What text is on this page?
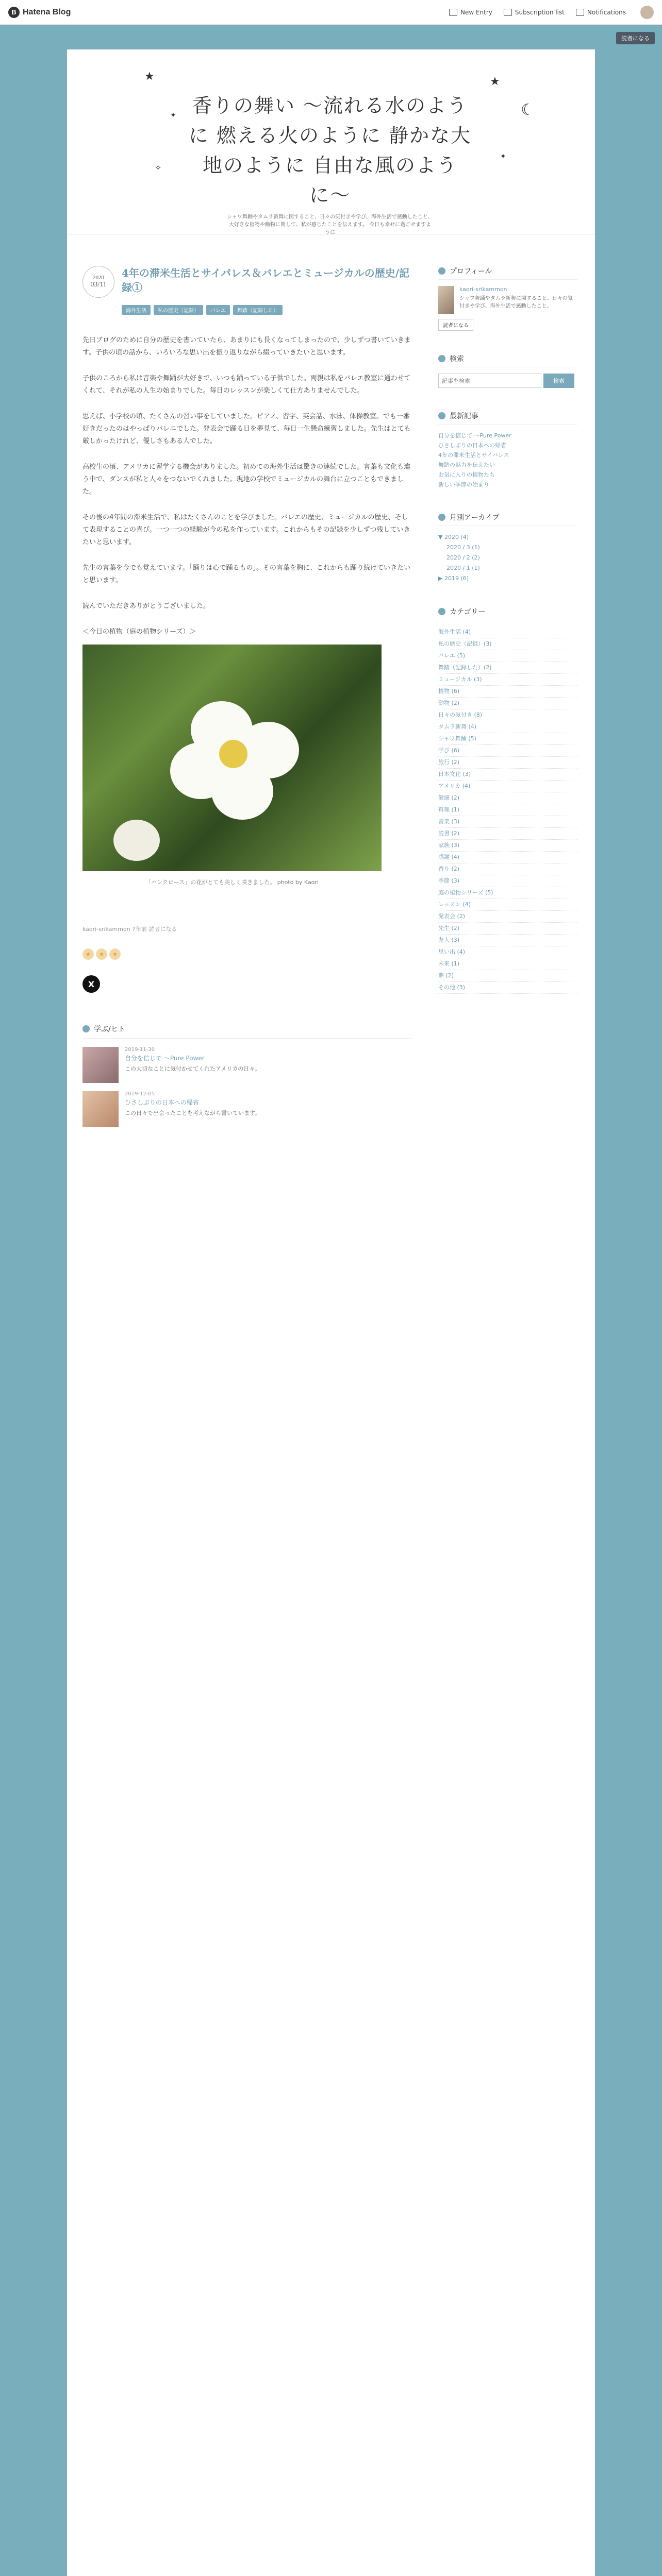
B Hatena Blog	New Entry	Subscription list	Notifications
読者になる
★
✦
★
☾
✦
✧
香りの舞い 〜流れる水のように 燃える火のように 静かな大地のように 自由な風のように〜
シャワ舞踊やタムラ新舞に関すること、日々の気付きや学び、海外生活で感動したこと、大好きな植物や動物に関して、私が感じたことを伝えます。 今日も幸せに過ごせますように
2020
03/11
4年の滞米生活とサイパレス＆バレエとミュージカルの歴史/記録①
海外生活	私の歴史（記録）	バレエ	舞踏（記録した）

先日ブログのために自分の歴史を書いていたら、あまりにも長くなってしまったので、少しずつ書いていきます。子供の頃の話から、いろいろな思い出を振り返りながら綴っていきたいと思います。

子供のころから私は音楽や舞踊が大好きで、いつも踊っている子供でした。両親は私をバレエ教室に通わせてくれて、それが私の人生の始まりでした。毎日のレッスンが楽しくて仕方ありませんでした。

思えば、小学校の頃、たくさんの習い事をしていました。ピアノ、習字、英会話、水泳、体操教室。でも一番好きだったのはやっぱりバレエでした。発表会で踊る日を夢見て、毎日一生懸命練習しました。先生はとても厳しかったけれど、優しさもある人でした。

高校生の頃、アメリカに留学する機会がありました。初めての海外生活は驚きの連続でした。言葉も文化も違う中で、ダンスが私と人々をつないでくれました。現地の学校でミュージカルの舞台に立つこともできました。

その後の4年間の滞米生活で、私はたくさんのことを学びました。バレエの歴史、ミュージカルの歴史、そして表現することの喜び。一つ一つの経験が今の私を作っています。これからもその記録を少しずつ残していきたいと思います。

先生の言葉を今でも覚えています。「踊りは心で踊るもの」。その言葉を胸に、これからも踊り続けていきたいと思います。

読んでいただきありがとうございました。

＜今日の植物（庭の植物シリーズ）＞
「ハンクロース」の花がとても美しく咲きました。 photo by Kaori
kaori-srikammon 7年前 読者になる
★	★	★
X
学ぶ/ヒト
2019-11-30
自分を信じて ～Pure Power
この大切なことに気付かせてくれたアメリカの日々。
2019-12-05
ひさしぶりの日本への帰省
この日々で出会ったことを考えながら書いています。
プロフィール
kaori-srikammon
シャワ舞踊やタムラ新舞に関すること、日々の気付きや学び、海外生活で感動したこと。
読者になる
検索
記事を検索
検索
最新記事
自分を信じて ～Pure Power
ひさしぶりの日本への帰省
4年の滞米生活とサイパレス
舞踏の魅力を伝えたい
お気に入りの植物たち
新しい季節の始まり
月別アーカイブ
▼ 2020 (4)
2020 / 3 (1)
2020 / 2 (2)
2020 / 1 (1)
▶ 2019 (6)
カテゴリー
海外生活 (4)
私の歴史（記録）(3)
バレエ (5)
舞踏（記録した）(2)
ミュージカル (3)
植物 (6)
動物 (2)
日々の気付き (8)
タムラ新舞 (4)
シャワ舞踊 (5)
学び (6)
旅行 (2)
日本文化 (3)
アメリカ (4)
健康 (2)
料理 (1)
音楽 (3)
読書 (2)
家族 (3)
感謝 (4)
香り (2)
季節 (3)
庭の植物シリーズ (5)
レッスン (4)
発表会 (2)
先生 (2)
友人 (3)
思い出 (4)
未来 (1)
夢 (2)
その他 (3)
